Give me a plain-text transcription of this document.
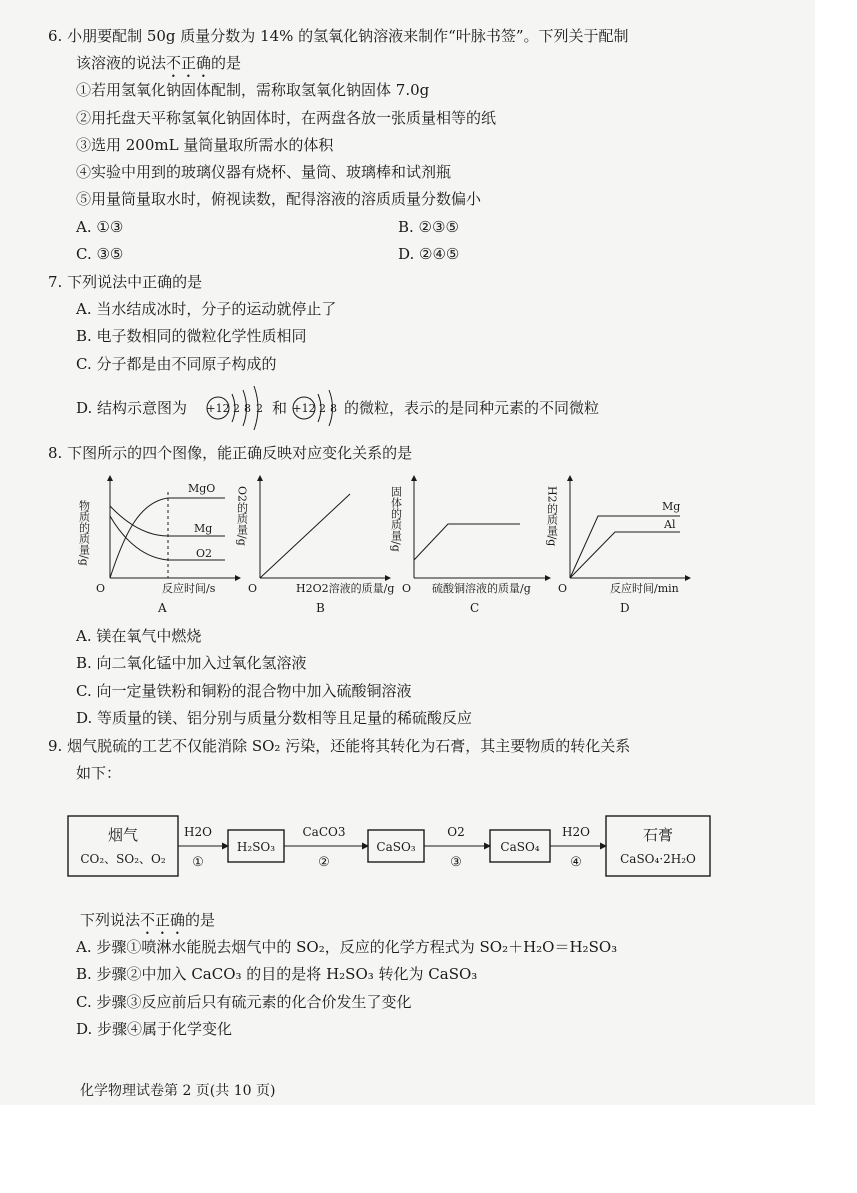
6. 小朋要配制 50g 质量分数为 14% 的氢氧化钠溶液来制作“叶脉书签”。下列关于配制
该溶液的说法不正确的是
①若用氢氧化钠固体配制，需称取氢氧化钠固体 7.0g
②用托盘天平称氢氧化钠固体时，在两盘各放一张质量相等的纸
③选用 200mL 量筒量取所需水的体积
④实验中用到的玻璃仪器有烧杯、量筒、玻璃棒和试剂瓶
⑤用量筒量取水时，俯视读数，配得溶液的溶质质量分数偏小
A. ①③	B. ②③⑤
C. ③⑤	D. ②④⑤
7. 下列说法中正确的是
A. 当水结成冰时，分子的运动就停止了
B. 电子数相同的微粒化学性质相同
C. 分子都是由不同原子构成的
D. 结构示意图为 +12 2 8 2 和 +12 2 8 的微粒，表示的是同种元素的不同微粒
8. 下图所示的四个图像，能正确反映对应变化关系的是
物质的质量/g
MgO
Mg
O2
O	反应时间/s
A
O2的质量/g
O	H2O2溶液的质量/g
B
固体的质量/g
O 硫酸铜溶液的质量/g
C
H2的质量/g	Mg
Al
O	反应时间/min
D
A. 镁在氧气中燃烧
B. 向二氧化锰中加入过氧化氢溶液
C. 向一定量铁粉和铜粉的混合物中加入硫酸铜溶液
D. 等质量的镁、铝分别与质量分数相等且足量的稀硫酸反应
9. 烟气脱硫的工艺不仅能消除 SO₂ 污染，还能将其转化为石膏，其主要物质的转化关系
如下：
烟气
CO₂、SO₂、O₂
H2O
①
H₂SO₃
CaCO3
②
CaSO₃
O2
③
CaSO₄
H2O
④
石膏
CaSO₄·2H₂O
下列说法不正确的是
A. 步骤①喷淋水能脱去烟气中的 SO₂，反应的化学方程式为 SO₂＋H₂O＝H₂SO₃
B. 步骤②中加入 CaCO₃ 的目的是将 H₂SO₃ 转化为 CaSO₃
C. 步骤③反应前后只有硫元素的化合价发生了变化
D. 步骤④属于化学变化
化学物理试卷第 2 页(共 10 页)
